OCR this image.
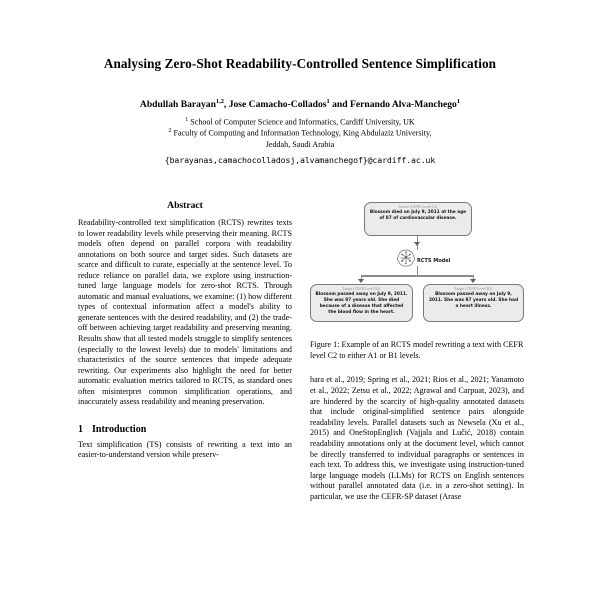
Analysing Zero-Shot Readability-Controlled Sentence Simplification
Abdullah Barayan$^{1,2}$, Jose Camacho-Collados$^1$ and Fernando Alva-Manchego$^1$
$^1$ School of Computer Science and Informatics, Cardiff University, UK
$^2$ Faculty of Computing and Information Technology, King Abdulaziz University,
Jeddah, Saudi Arabia
{barayanas,camachocolladosj,alvamanchegof}@cardiff.ac.uk
Abstract

Readability-controlled text simplification (RCTS) rewrites texts to lower readability levels while preserving their meaning. RCTS models often depend on parallel corpora with readability annotations on both source and target sides. Such datasets are scarce and difficult to curate, especially at the sentence level. To reduce reliance on parallel data, we explore using instruction-tuned large language models for zero-shot RCTS. Through automatic and manual evaluations, we examine: (1) how different types of contextual information affect a model's ability to generate sentences with the desired readability, and (2) the trade-off between achieving target readability and preserving meaning. Results show that all tested models struggle to simplify sentences (especially to the lowest levels) due to models' limitations and characteristics of the source sentences that impede adequate rewriting. Our experiments also highlight the need for better automatic evaluation metrics tailored to RCTS, as standard ones often misinterpret common simplification operations, and inaccurately assess readability and meaning preservation.

1 Introduction

Text simplification (TS) consists of rewriting a text into an easier-to-understand version while preserv-

Source (CEFR Level C2)
Blossom died on July 9, 2011 at the age of 87 of cardiovascular disease.
RCTS Model
Target (CEFR Level A1)
Blossom passed away on July 9, 2011. She was 87 years old. She died because of a disease that affected the blood flow in the heart.
Target (CEFR Level B1)
Blossom passed away on July 9, 2011. She was 87 years old. She had a heart illness.
Figure 1: Example of an RCTS model rewriting a text with CEFR level C2 to either A1 or B1 levels.

hara et al., 2019; Spring et al., 2021; Rios et al., 2021; Yanamoto et al., 2022; Zetsu et al., 2022; Agrawal and Carpuat, 2023), and are hindered by the scarcity of high-quality annotated datasets that include original-simplified sentence pairs alongside readability levels. Parallel datasets such as Newsela (Xu et al., 2015) and OneStopEnglish (Vajjala and Lučić, 2018) contain readability annotations only at the document level, which cannot be directly transferred to individual paragraphs or sentences in each text. To address this, we investigate using instruction-tuned large language models (LLMs) for RCTS on English sentences without parallel annotated data (i.e. in a zero-shot setting). In particular, we use the CEFR-SP dataset (Arase
